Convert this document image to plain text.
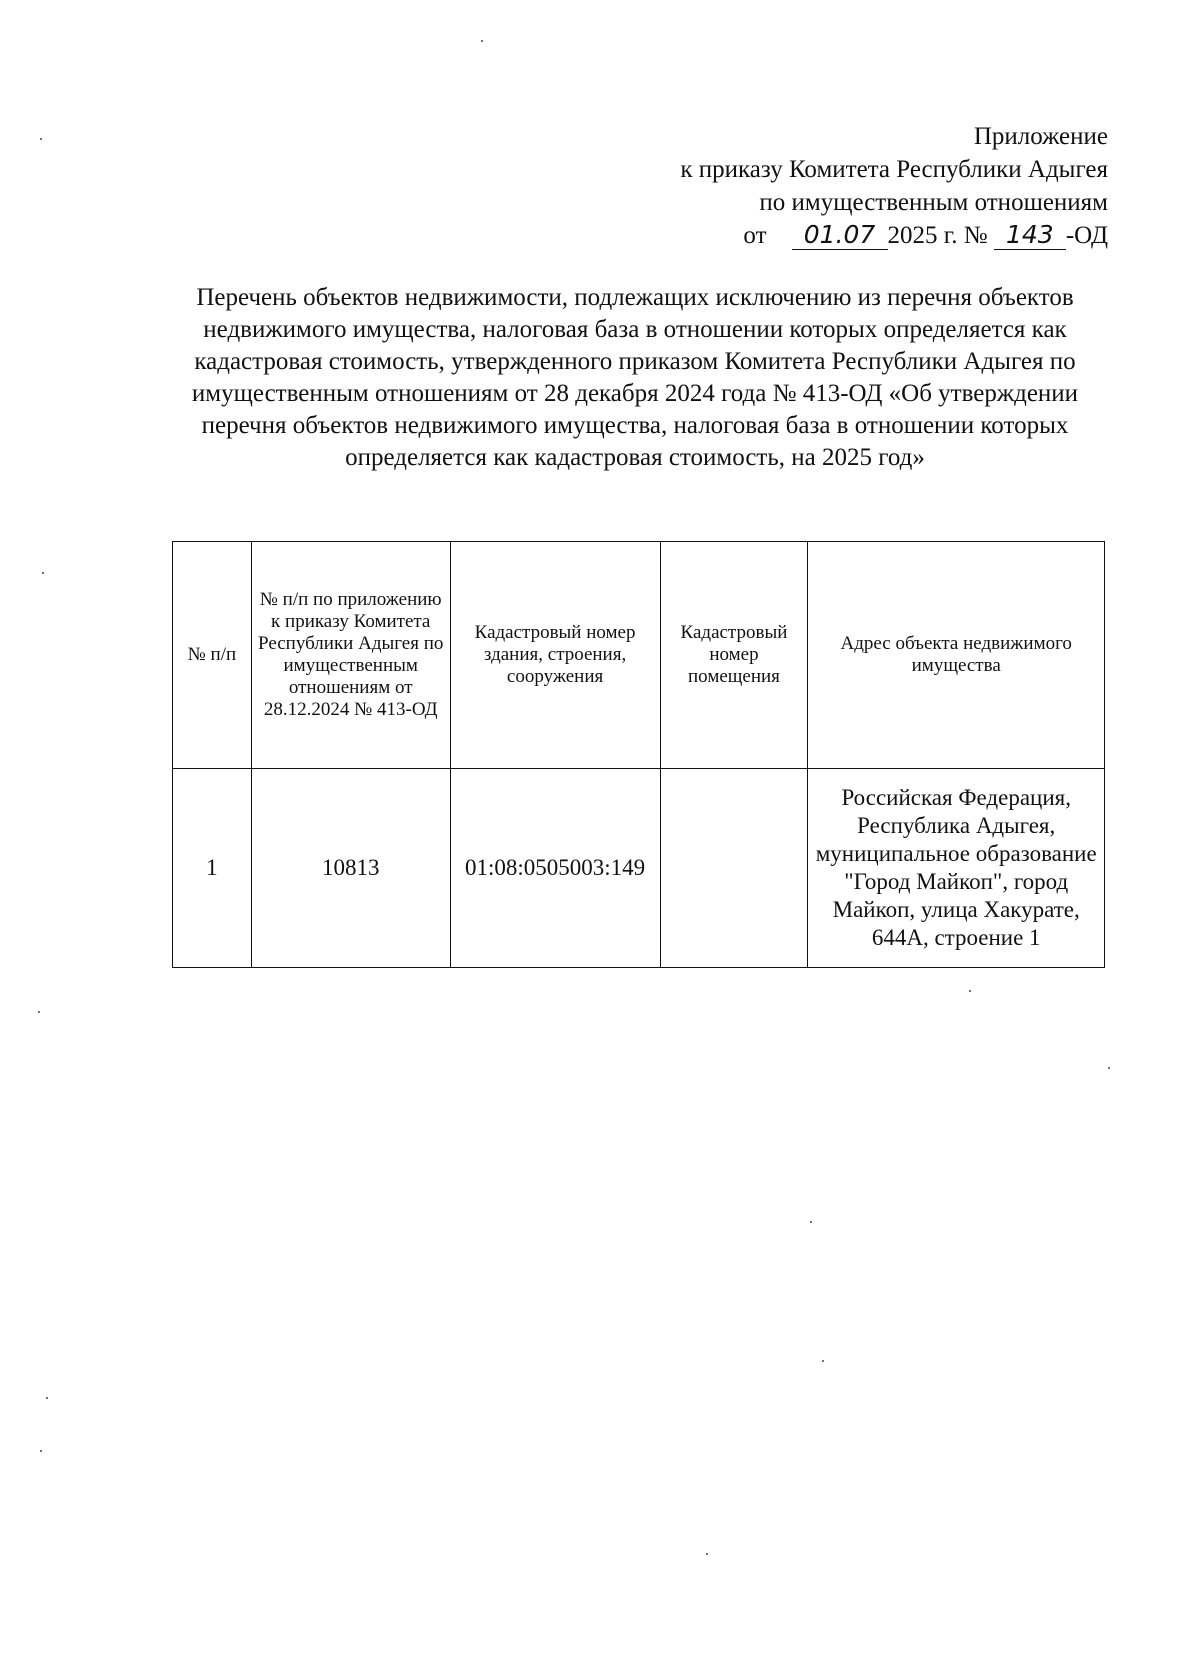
Приложение
к приказу Комитета Республики Адыгея
по имущественным отношениям
от 01.07 2025 г. № 143 -ОД
Перечень объектов недвижимости, подлежащих исключению из перечня объектов недвижимого имущества, налоговая база в отношении которых определяется как кадастровая стоимость, утвержденного приказом Комитета Республики Адыгея по имущественным отношениям от 28 декабря 2024 года № 413-ОД «Об утверждении перечня объектов недвижимого имущества, налоговая база в отношении которых определяется как кадастровая стоимость, на 2025 год»
№ п/п	№ п/п по приложению к приказу Комитета Республики Адыгея по имущественным отношениям от 28.12.2024 № 413-ОД	Кадастровый номер здания, строения, сооружения	Кадастровый номер помещения	Адрес объекта недвижимого имущества
1	10813	01:08:0505003:149		Российская Федерация, Республика Адыгея, муниципальное образование "Город Майкоп", город Майкоп, улица Хакурате, 644А, строение 1
